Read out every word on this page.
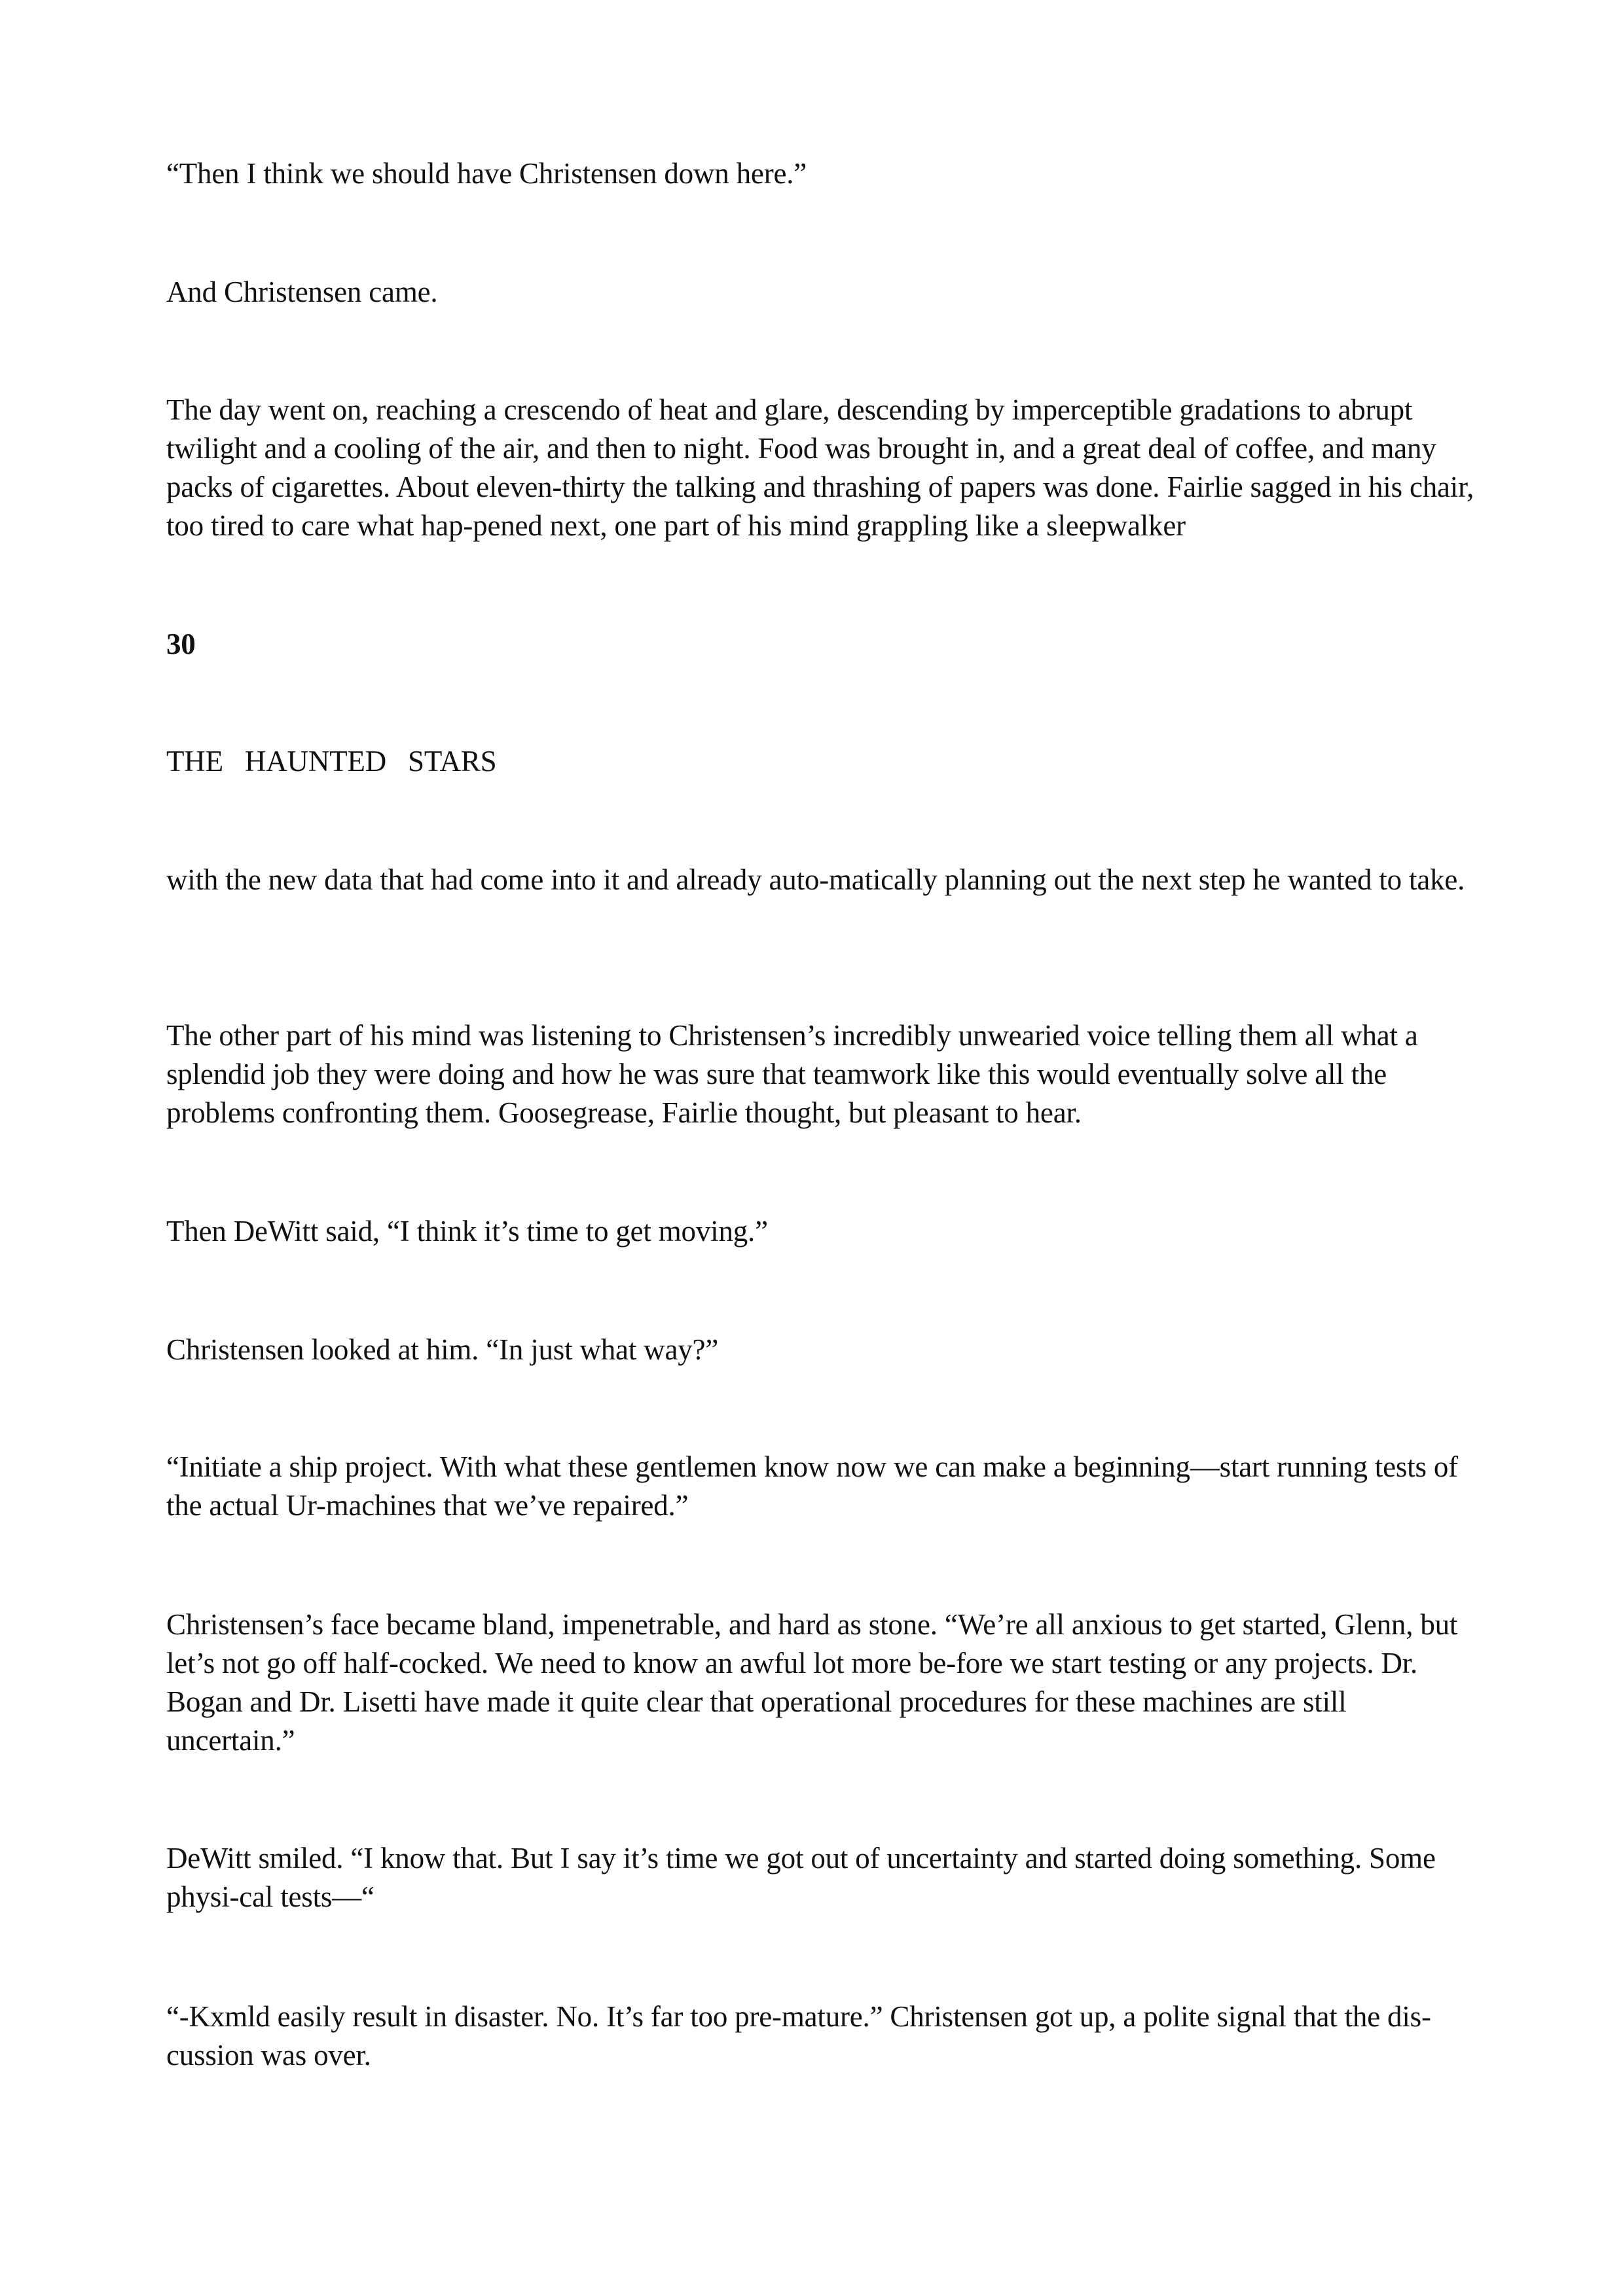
“Then I think we should have Christensen down here.”

And Christensen came.

The day went on, reaching a crescendo of heat and glare, descending by imperceptible gradations to abrupt twilight and a cooling of the air, and then to night. Food was brought in, and a great deal of coffee, and many packs of cigarettes. About eleven-thirty the talking and thrashing of papers was done. Fairlie sagged in his chair, too tired to care what hap-pened next, one part of his mind grappling like a sleepwalker

30

THE HAUNTED STARS

with the new data that had come into it and already auto-matically planning out the next step he wanted to take.

The other part of his mind was listening to Christensen’s incredibly unwearied voice telling them all what a splendid job they were doing and how he was sure that teamwork like this would eventually solve all the problems confronting them. Goosegrease, Fairlie thought, but pleasant to hear.

Then DeWitt said, “I think it’s time to get moving.”

Christensen looked at him. “In just what way?”

“Initiate a ship project. With what these gentlemen know now we can make a beginning—start running tests of the actual Ur-machines that we’ve repaired.”

Christensen’s face became bland, impenetrable, and hard as stone. “We’re all anxious to get started, Glenn, but let’s not go off half-cocked. We need to know an awful lot more be-fore we start testing or any projects. Dr. Bogan and Dr. Lisetti have made it quite clear that operational procedures for these machines are still uncertain.”

DeWitt smiled. “I know that. But I say it’s time we got out of uncertainty and started doing something. Some physi-cal tests—“

“-Kxmld easily result in disaster. No. It’s far too pre-mature.” Christensen got up, a polite signal that the dis-cussion was over.
